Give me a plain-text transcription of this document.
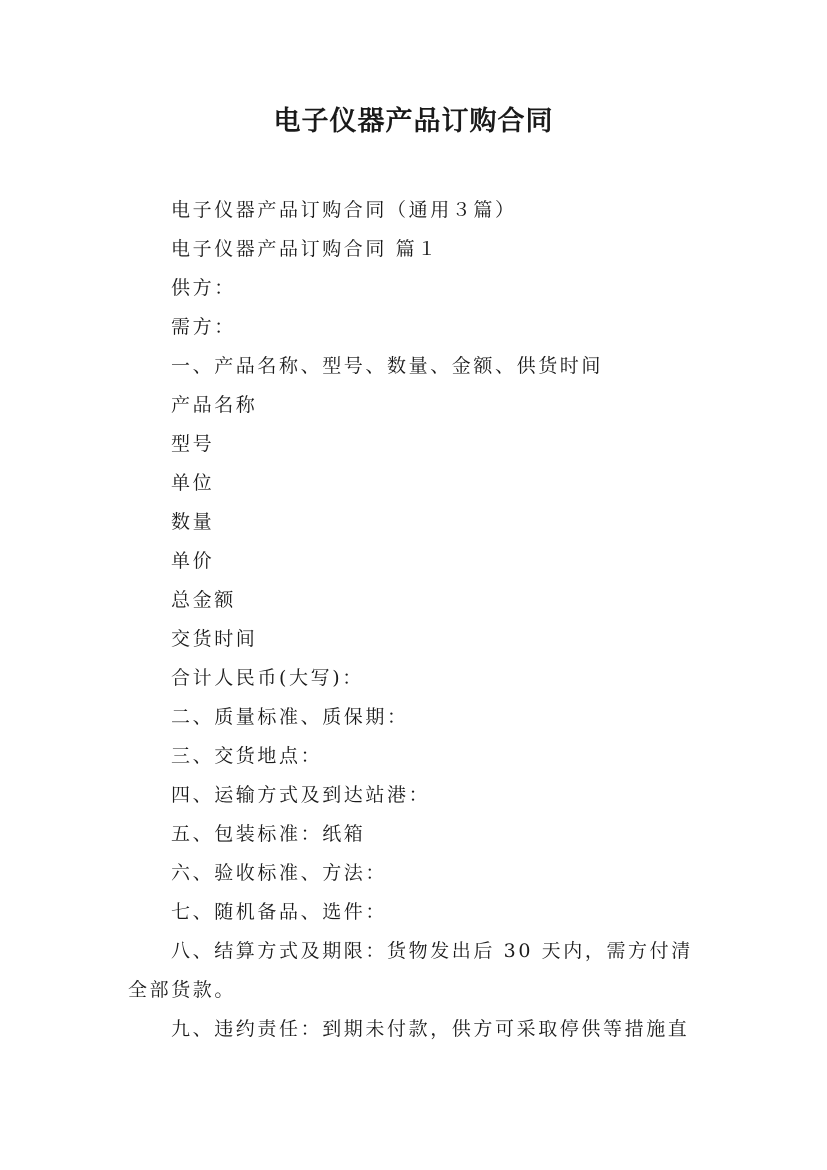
电子仪器产品订购合同

电子仪器产品订购合同（通用３篇）

电子仪器产品订购合同 篇１

供方：

需方：

一、产品名称、型号、数量、金额、供货时间

产品名称

型号

单位

数量

单价

总金额

交货时间

合计人民币(大写)：

二、质量标准、质保期：

三、交货地点：

四、运输方式及到达站港：

五、包装标准：纸箱

六、验收标准、方法：

七、随机备品、选件：

八、结算方式及期限：货物发出后 30 天内，需方付清全部货款。

九、违约责任：到期未付款，供方可采取停供等措施直
